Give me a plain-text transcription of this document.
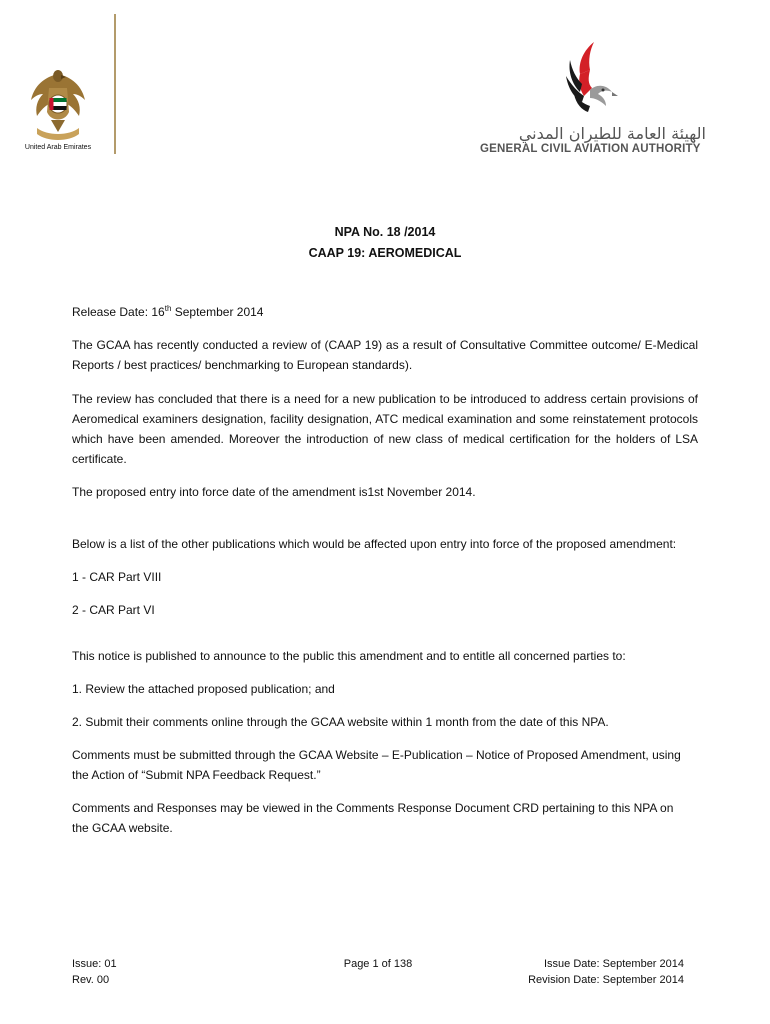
United Arab Emirates
الهيئة العامة للطيران المدني
GENERAL CIVIL AVIATION AUTHORITY
NPA No. 18 /2014
CAAP 19: AEROMEDICAL

Release Date: 16th September 2014

The GCAA has recently conducted a review of (CAAP 19) as a result of Consultative Committee outcome/ E-Medical Reports / best practices/ benchmarking to European standards).

The review has concluded that there is a need for a new publication to be introduced to address certain provisions of Aeromedical examiners designation, facility designation, ATC medical examination and some reinstatement protocols which have been amended. Moreover the introduction of new class of medical certification for the holders of LSA certificate.

The proposed entry into force date of the amendment is1st November 2014.

Below is a list of the other publications which would be affected upon entry into force of the proposed amendment:

1 - CAR Part VIII

2 - CAR Part VI

This notice is published to announce to the public this amendment and to entitle all concerned parties to:

1. Review the attached proposed publication; and

2. Submit their comments online through the GCAA website within 1 month from the date of this NPA.

Comments must be submitted through the GCAA Website – E-Publication – Notice of Proposed Amendment, using the Action of “Submit NPA Feedback Request.”

Comments and Responses may be viewed in the Comments Response Document CRD pertaining to this NPA on the GCAA website.

Issue: 01
Rev. 00
Page 1 of 138	Issue Date: September 2014
Revision Date: September 2014
